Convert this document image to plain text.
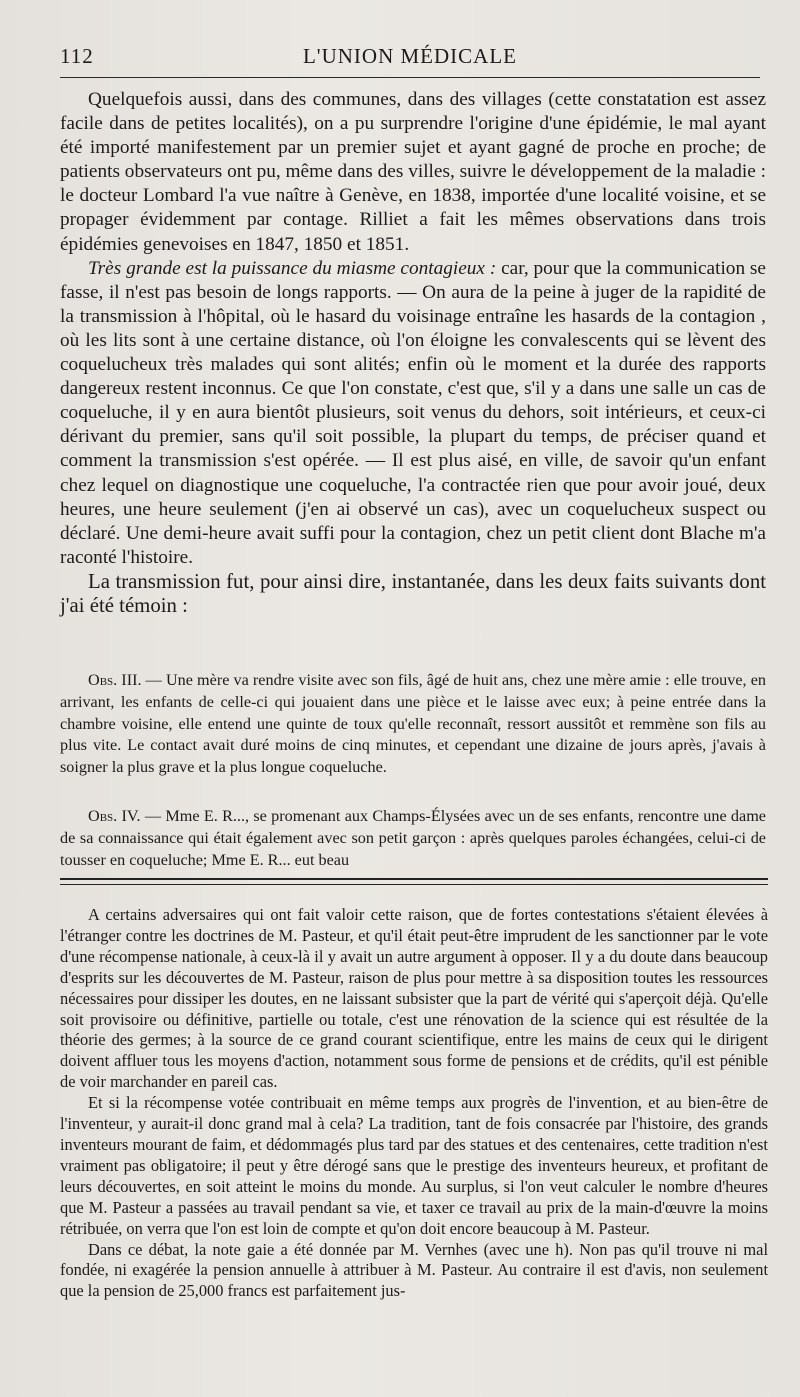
112	L'UNION MÉDICALE

Quelquefois aussi, dans des communes, dans des villages (cette constatation est assez facile dans de petites localités), on a pu surprendre l'origine d'une épidémie, le mal ayant été importé manifestement par un premier sujet et ayant gagné de proche en proche; de patients observateurs ont pu, même dans des villes, suivre le développement de la maladie : le docteur Lombard l'a vue naître à Genève, en 1838, importée d'une localité voisine, et se propager évidemment par contage. Rilliet a fait les mêmes observations dans trois épidémies genevoises en 1847, 1850 et 1851.

Très grande est la puissance du miasme contagieux : car, pour que la communication se fasse, il n'est pas besoin de longs rapports. — On aura de la peine à juger de la rapidité de la transmission à l'hôpital, où le hasard du voisinage entraîne les hasards de la contagion , où les lits sont à une certaine distance, où l'on éloigne les convalescents qui se lèvent des coquelucheux très malades qui sont alités; enfin où le moment et la durée des rapports dangereux restent inconnus. Ce que l'on constate, c'est que, s'il y a dans une salle un cas de coqueluche, il y en aura bientôt plusieurs, soit venus du dehors, soit intérieurs, et ceux-ci dérivant du premier, sans qu'il soit possible, la plupart du temps, de préciser quand et comment la transmission s'est opérée. — Il est plus aisé, en ville, de savoir qu'un enfant chez lequel on diagnostique une coqueluche, l'a contractée rien que pour avoir joué, deux heures, une heure seulement (j'en ai observé un cas), avec un coquelucheux suspect ou déclaré. Une demi-heure avait suffi pour la contagion, chez un petit client dont Blache m'a raconté l'histoire.

La transmission fut, pour ainsi dire, instantanée, dans les deux faits suivants dont j'ai été témoin :

Obs. III. — Une mère va rendre visite avec son fils, âgé de huit ans, chez une mère amie : elle trouve, en arrivant, les enfants de celle-ci qui jouaient dans une pièce et le laisse avec eux; à peine entrée dans la chambre voisine, elle entend une quinte de toux qu'elle reconnaît, ressort aussitôt et remmène son fils au plus vite. Le contact avait duré moins de cinq minutes, et cependant une dizaine de jours après, j'avais à soigner la plus grave et la plus longue coqueluche.

Obs. IV. — Mme E. R..., se promenant aux Champs-Élysées avec un de ses enfants, rencontre une dame de sa connaissance qui était également avec son petit garçon : après quelques paroles échangées, celui-ci de tousser en coqueluche; Mme E. R... eut beau

A certains adversaires qui ont fait valoir cette raison, que de fortes contestations s'étaient élevées à l'étranger contre les doctrines de M. Pasteur, et qu'il était peut-être imprudent de les sanctionner par le vote d'une récompense nationale, à ceux-là il y avait un autre argument à opposer. Il y a du doute dans beaucoup d'esprits sur les découvertes de M. Pasteur, raison de plus pour mettre à sa disposition toutes les ressources nécessaires pour dissiper les doutes, en ne laissant subsister que la part de vérité qui s'aperçoit déjà. Qu'elle soit provisoire ou définitive, partielle ou totale, c'est une rénovation de la science qui est résultée de la théorie des germes; à la source de ce grand courant scientifique, entre les mains de ceux qui le dirigent doivent affluer tous les moyens d'action, notamment sous forme de pensions et de crédits, qu'il est pénible de voir marchander en pareil cas.

Et si la récompense votée contribuait en même temps aux progrès de l'invention, et au bien-être de l'inventeur, y aurait-il donc grand mal à cela? La tradition, tant de fois consacrée par l'histoire, des grands inventeurs mourant de faim, et dédommagés plus tard par des statues et des centenaires, cette tradition n'est vraiment pas obligatoire; il peut y être dérogé sans que le prestige des inventeurs heureux, et profitant de leurs découvertes, en soit atteint le moins du monde. Au surplus, si l'on veut calculer le nombre d'heures que M. Pasteur a passées au travail pendant sa vie, et taxer ce travail au prix de la main-d'œuvre la moins rétribuée, on verra que l'on est loin de compte et qu'on doit encore beaucoup à M. Pasteur.

Dans ce débat, la note gaie a été donnée par M. Vernhes (avec une h). Non pas qu'il trouve ni mal fondée, ni exagérée la pension annuelle à attribuer à M. Pasteur. Au contraire il est d'avis, non seulement que la pension de 25,000 francs est parfaitement jus-
